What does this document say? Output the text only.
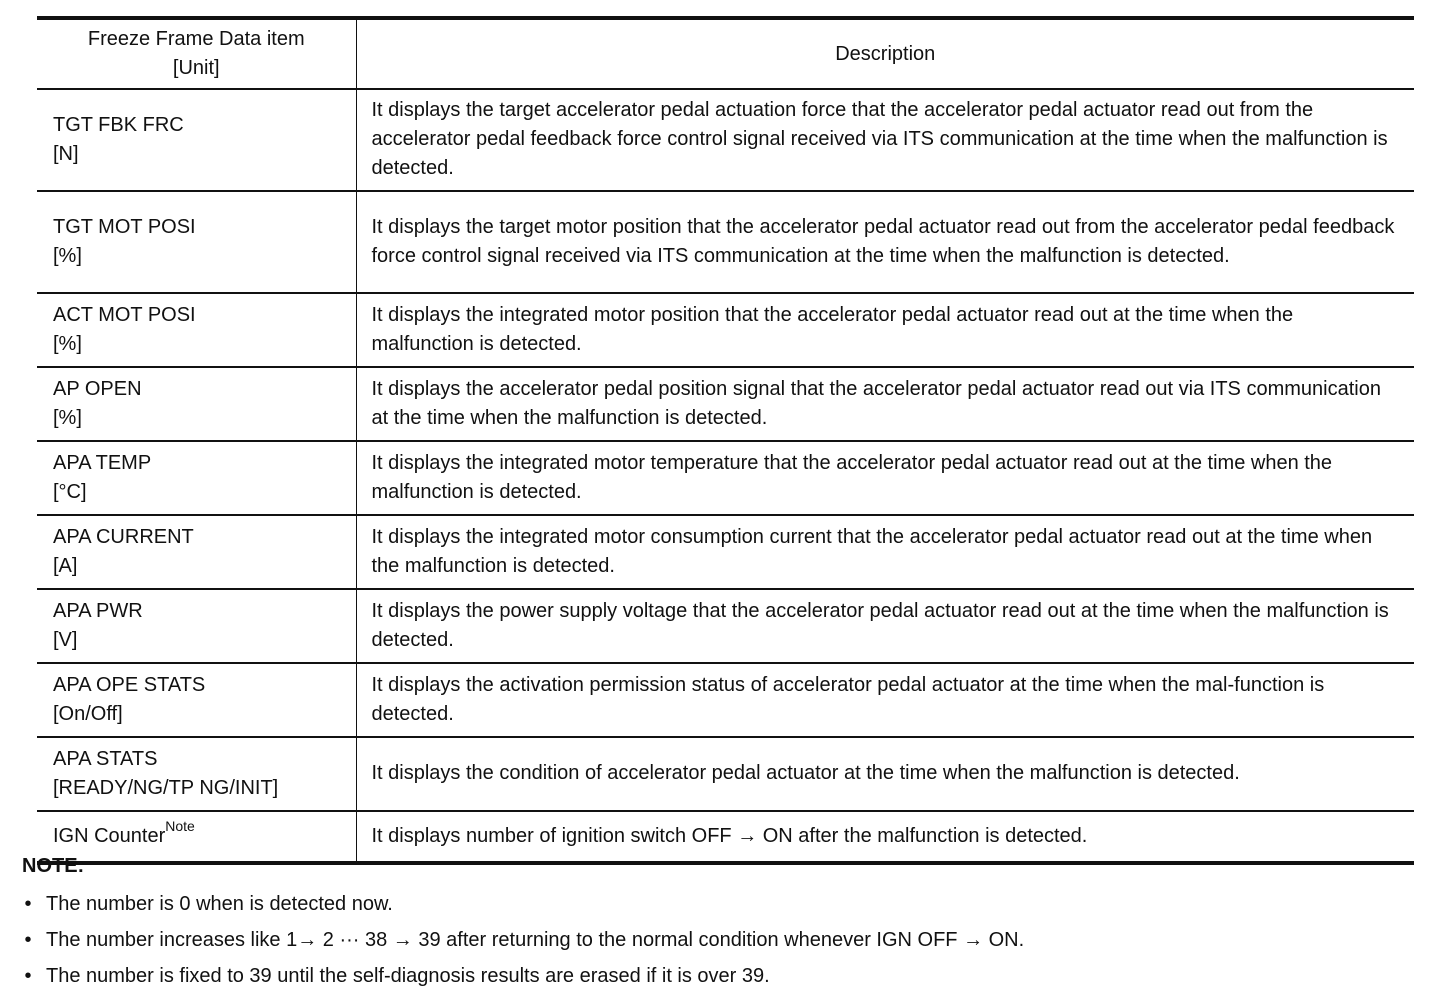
Freeze Frame Data item
[Unit]	Description

TGT FBK FRC
[N]	It displays the target accelerator pedal actuation force that the accelerator pedal actuator read out from the accelerator pedal feedback force control signal received via ITS communication at the time when the malfunction is detected.

TGT MOT POSI
[%]	It displays the target motor position that the accelerator pedal actuator read out from the accelerator pedal feedback force control signal received via ITS communication at the time when the malfunction is detected.

ACT MOT POSI
[%]	It displays the integrated motor position that the accelerator pedal actuator read out at the time when the malfunction is detected.

AP OPEN
[%]	It displays the accelerator pedal position signal that the accelerator pedal actuator read out via ITS communication at the time when the malfunction is detected.

APA TEMP
[°C]	It displays the integrated motor temperature that the accelerator pedal actuator read out at the time when the malfunction is detected.

APA CURRENT
[A]	It displays the integrated motor consumption current that the accelerator pedal actuator read out at the time when the malfunction is detected.

APA PWR
[V]	It displays the power supply voltage that the accelerator pedal actuator read out at the time when the malfunction is detected.

APA OPE STATS
[On/Off]	It displays the activation permission status of accelerator pedal actuator at the time when the mal-function is detected.

APA STATS
[READY/NG/TP NG/INIT]	It displays the condition of accelerator pedal actuator at the time when the malfunction is detected.

IGN Counter$^{Note}$	It displays number of ignition switch OFF → ON after the malfunction is detected.
NOTE:
• The number is 0 when is detected now.
• The number increases like 1→ 2 ··· 38 → 39 after returning to the normal condition whenever IGN OFF → ON.
• The number is fixed to 39 until the self-diagnosis results are erased if it is over 39.
